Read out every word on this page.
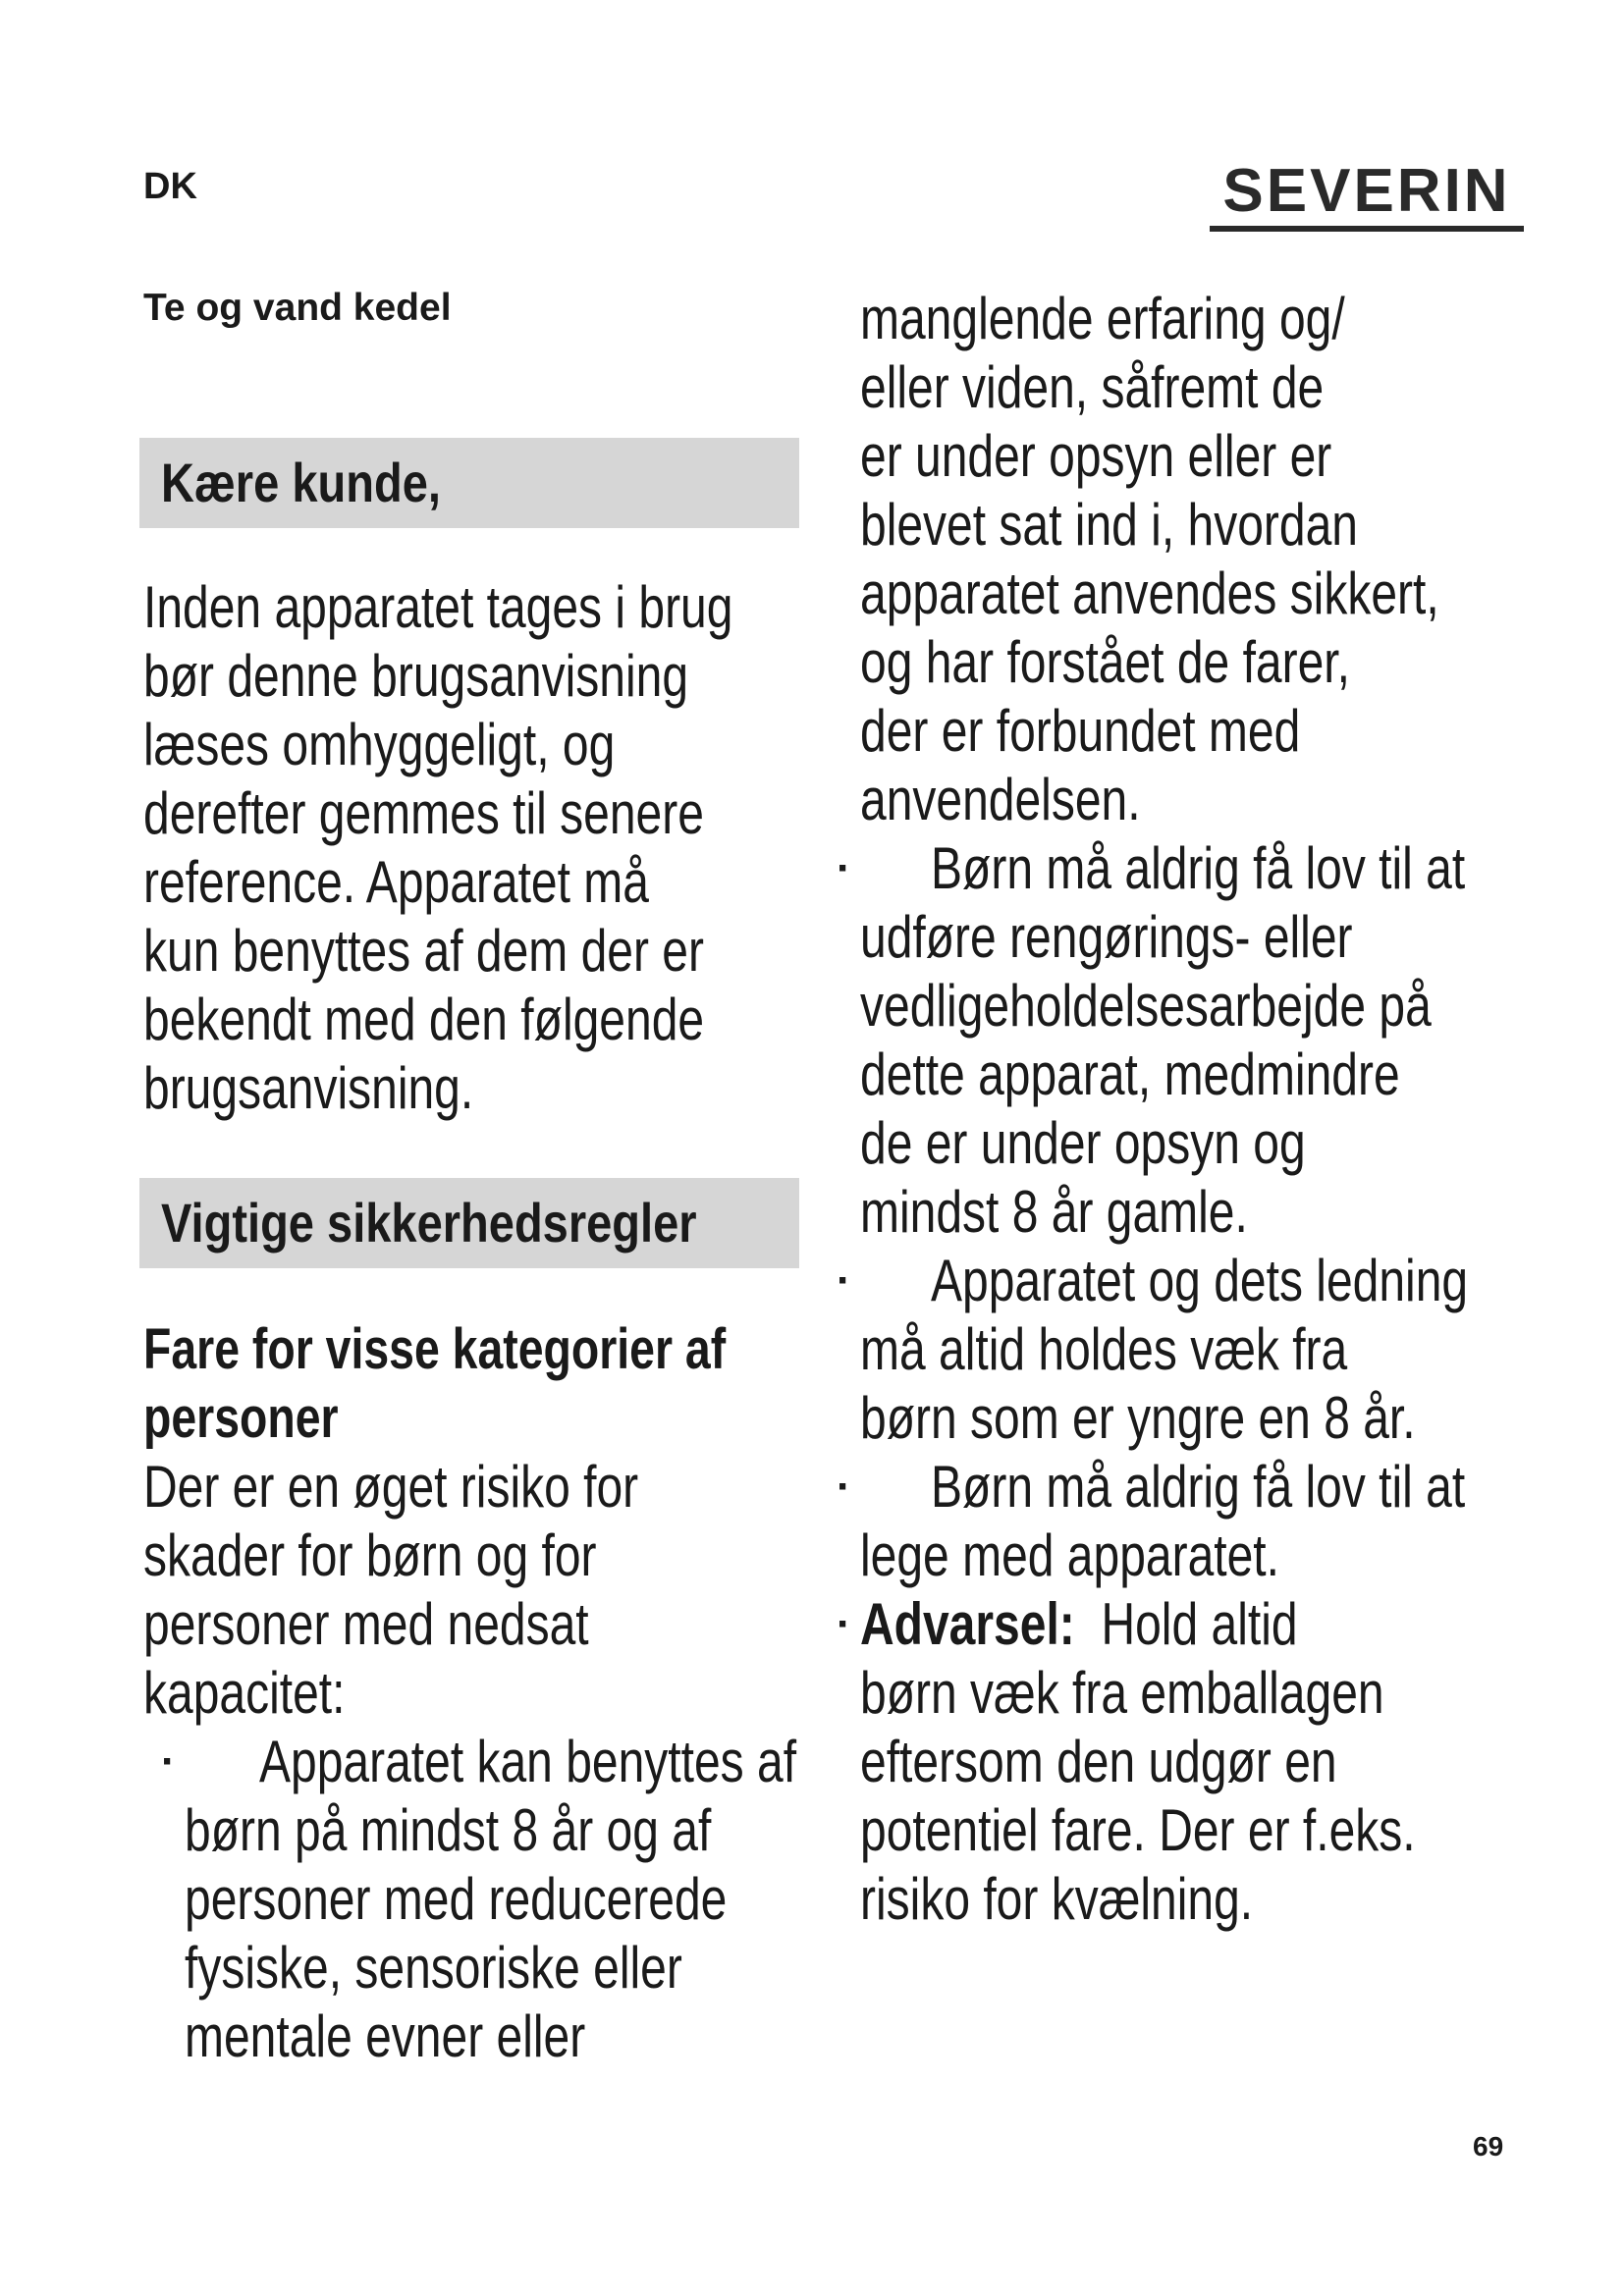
DK	SEVERIN
Te og vand kedel
Kære kunde,
Inden apparatet tages i brug
bør denne brugsanvisning
læses omhyggeligt, og
derefter gemmes til senere
reference. Apparatet må
kun benyttes af dem der er
bekendt med den følgende
brugsanvisning.
Vigtige sikkerhedsregler
Fare for visse kategorier af
personer
Der er en øget risiko for
skader for børn og for
personer med nedsat
kapacitet:
· Apparatet kan benyttes af
børn på mindst 8 år og af
personer med reducerede
fysiske, sensoriske eller
mentale evner eller
manglende erfaring og/
eller viden, såfremt de
er under opsyn eller er
blevet sat ind i, hvordan
apparatet anvendes sikkert,
og har forstået de farer,
der er forbundet med
anvendelsen.
· Børn må aldrig få lov til at
udføre rengørings- eller
vedligeholdelsesarbejde på
dette apparat, medmindre
de er under opsyn og
mindst 8 år gamle.
· Apparatet og dets ledning
må altid holdes væk fra
børn som er yngre en 8 år.
· Børn må aldrig få lov til at
lege med apparatet.
· Advarsel: Hold altid
børn væk fra emballagen
eftersom den udgør en
potentiel fare. Der er f.eks.
risiko for kvælning.
69
